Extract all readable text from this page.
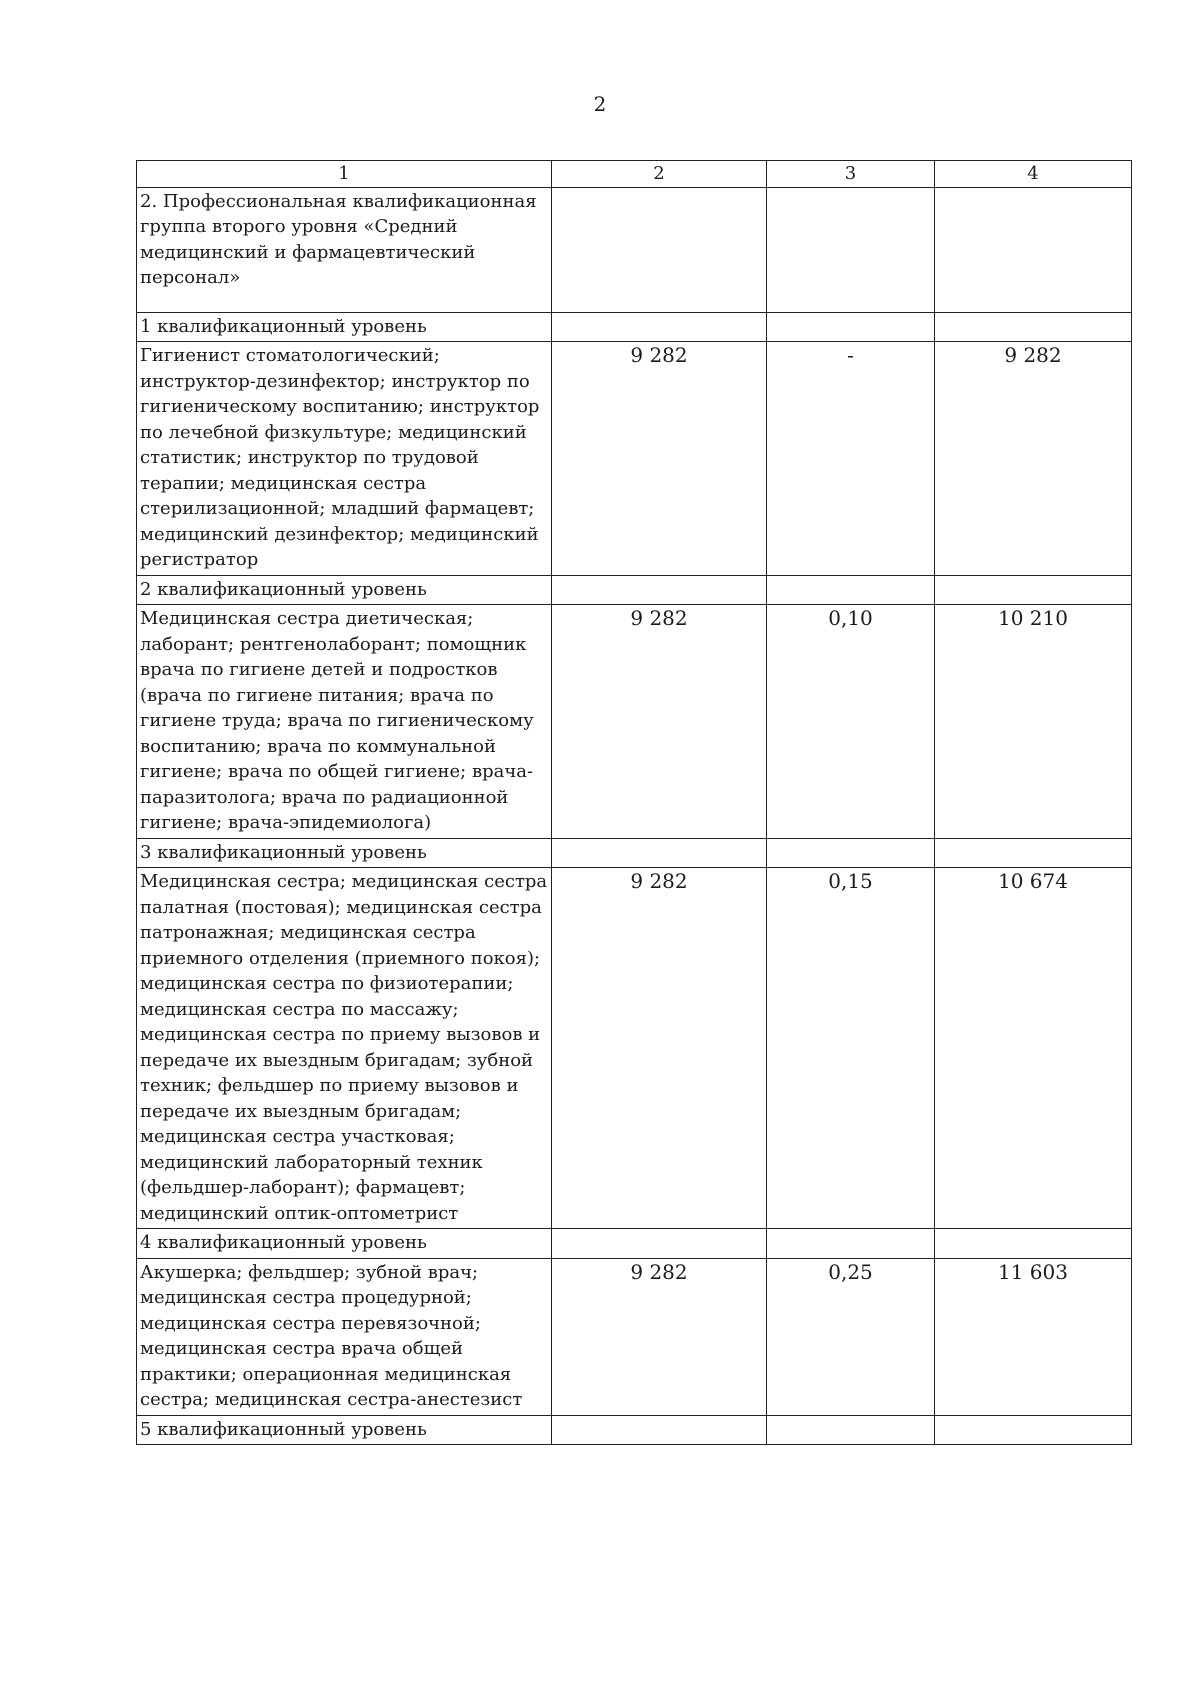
2
1	2	3	4
2. Профессиональная квалификационная группа второго уровня «Средний медицинский и фармацевтический персонал»			
1 квалификационный уровень			
Гигиенист стоматологический; инструктор-дезинфектор; инструктор по гигиеническому воспитанию; инструктор по лечебной физкультуре; медицинский статистик; инструктор по трудовой терапии; медицинская сестра стерилизационной; младший фармацевт; медицинский дезинфектор; медицинский регистратор	9 282	-	9 282
2 квалификационный уровень			
Медицинская сестра диетическая; лаборант; рентгенолаборант; помощник врача по гигиене детей и подростков (врача по гигиене питания; врача по гигиене труда; врача по гигиеническому воспитанию; врача по коммунальной гигиене; врача по общей гигиене; врача-паразитолога; врача по радиационной гигиене; врача-эпидемиолога)	9 282	0,10	10 210
3 квалификационный уровень			
Медицинская сестра; медицинская сестра палатная (постовая); медицинская сестра патронажная; медицинская сестра приемного отделения (приемного покоя); медицинская сестра по физиотерапии; медицинская сестра по массажу; медицинская сестра по приему вызовов и передаче их выездным бригадам; зубной техник; фельдшер по приему вызовов и передаче их выездным бригадам; медицинская сестра участковая; медицинский лабораторный техник (фельдшер-лаборант); фармацевт; медицинский оптик-оптометрист	9 282	0,15	10 674
4 квалификационный уровень			
Акушерка; фельдшер; зубной врач; медицинская сестра процедурной; медицинская сестра перевязочной; медицинская сестра врача общей практики; операционная медицинская сестра; медицинская сестра-анестезист	9 282	0,25	11 603
5 квалификационный уровень			
